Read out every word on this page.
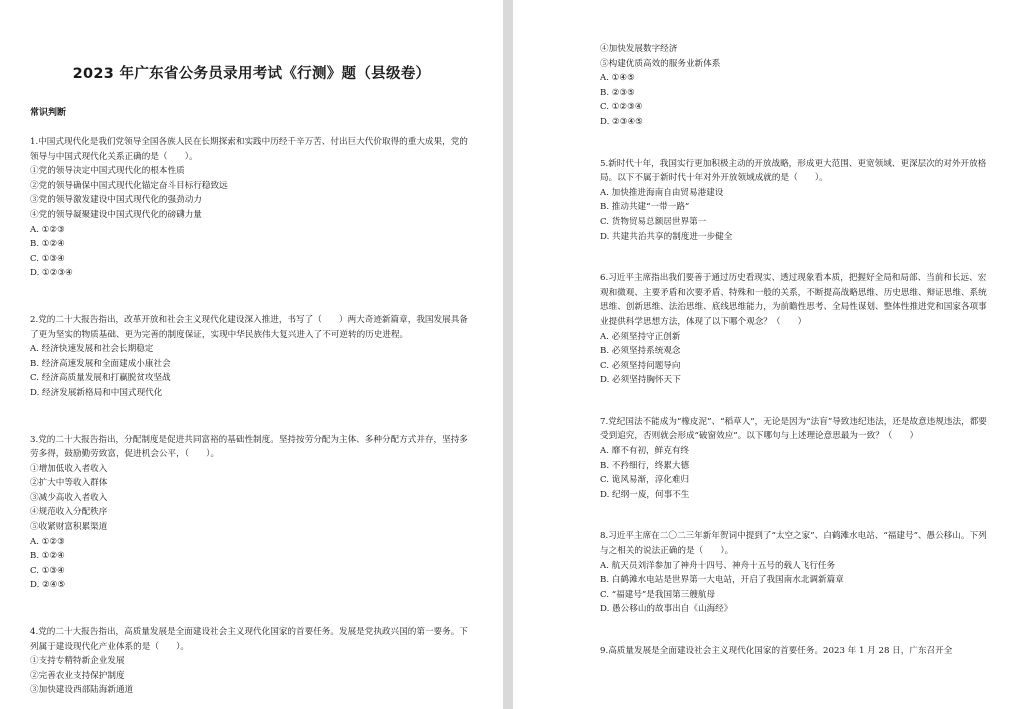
2023 年广东省公务员录用考试《行测》题（县级卷）
常识判断

1.中国式现代化是我们党领导全国各族人民在长期探索和实践中历经千辛万苦、付出巨大代价取得的重大成果，党的领导与中国式现代化关系正确的是（　　）。

①党的领导决定中国式现代化的根本性质

②党的领导确保中国式现代化锚定奋斗目标行稳致远

③党的领导激发建设中国式现代化的强劲动力

④党的领导凝聚建设中国式现代化的磅礴力量

A. ①②③

B. ①②④

C. ①③④

D. ①②③④

2.党的二十大报告指出，改革开放和社会主义现代化建设深入推进，书写了（　　）两大奇迹新篇章，我国发展具备了更为坚实的物质基础、更为完善的制度保证，实现中华民族伟大复兴进入了不可逆转的历史进程。

A. 经济快速发展和社会长期稳定

B. 经济高速发展和全面建成小康社会

C. 经济高质量发展和打赢脱贫攻坚战

D. 经济发展新格局和中国式现代化

3.党的二十大报告指出，分配制度是促进共同富裕的基础性制度。坚持按劳分配为主体、多种分配方式并存，坚持多劳多得，鼓励勤劳致富，促进机会公平，（　　）。

①增加低收入者收入

②扩大中等收入群体

③减少高收入者收入

④规范收入分配秩序

⑤收紧财富积累渠道

A. ①②③

B. ①②④

C. ①③④

D. ②④⑤

4.党的二十大报告指出，高质量发展是全面建设社会主义现代化国家的首要任务。发展是党执政兴国的第一要务。下列属于建设现代化产业体系的是（　　）。

①支持专精特新企业发展

②完善农业支持保护制度

③加快建设西部陆海新通道

④加快发展数字经济

⑤构建优质高效的服务业新体系

A. ①④⑤

B. ②③⑤

C. ①②③④

D. ②③④⑤

5.新时代十年，我国实行更加积极主动的开放战略，形成更大范围、更宽领域、更深层次的对外开放格局。以下不属于新时代十年对外开放领域成就的是（　　）。

A. 加快推进海南自由贸易港建设

B. 推动共建“一带一路”

C. 货物贸易总额居世界第一

D. 共建共治共享的制度进一步健全

6.习近平主席指出我们要善于通过历史看现实、透过现象看本质，把握好全局和局部、当前和长远、宏观和微观、主要矛盾和次要矛盾、特殊和一般的关系，不断提高战略思维、历史思维、辩证思维、系统思维、创新思维、法治思维、底线思维能力，为前瞻性思考、全局性谋划、整体性推进党和国家各项事业提供科学思想方法，体现了以下哪个观念？（　　）

A. 必须坚持守正创新

B. 必须坚持系统观念

C. 必须坚持问题导向

D. 必须坚持胸怀天下

7.党纪国法不能成为“橡皮泥”、“稻草人”，无论是因为“法盲”导致违纪违法，还是故意违规违法，都要受到追究，否则就会形成“破窗效应”。以下哪句与上述理论意思最为一致？（　　）

A. 靡不有初，鲜克有终

B. 不矜细行，终累大德

C. 诡风易渐，淳化难归

D. 纪纲一废，何事不生

8.习近平主席在二〇二三年新年贺词中提到了“太空之家”、白鹤滩水电站、“福建号”、愚公移山。下列与之相关的说法正确的是（　　）。

A. 航天员刘洋参加了神舟十四号、神舟十五号的载人飞行任务

B. 白鹤滩水电站是世界第一大电站，开启了我国南水北调新篇章

C. “福建号”是我国第三艘航母

D. 愚公移山的故事出自《山海经》

9.高质量发展是全面建设社会主义现代化国家的首要任务。2023 年 1 月 28 日，广东召开全
